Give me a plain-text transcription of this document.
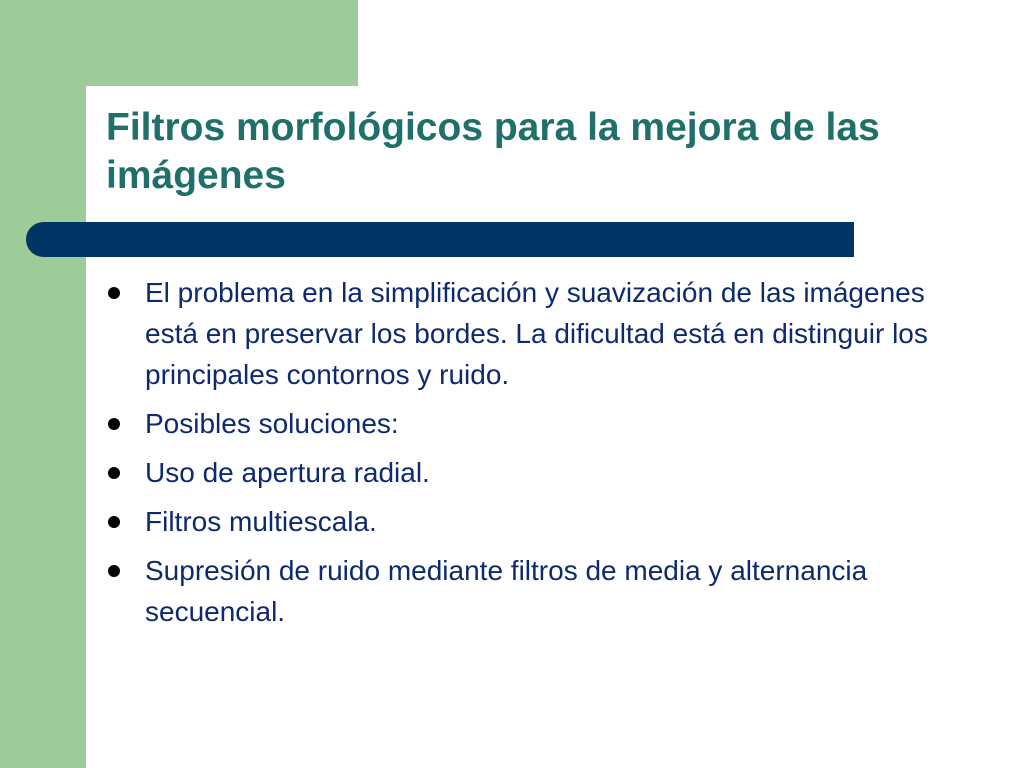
Filtros morfológicos para la mejora de las imágenes
El problema en la simplificación y suavización de las imágenes está en preservar los bordes. La dificultad está en distinguir los principales contornos y ruido.
Posibles soluciones:
Uso de apertura radial.
Filtros multiescala.
Supresión de ruido mediante filtros de media y alternancia secuencial.
